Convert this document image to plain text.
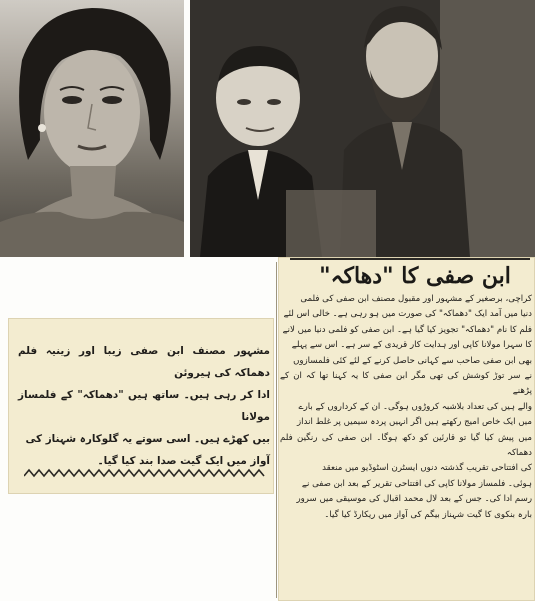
ابن صفی کا "دھاکہ"

کراچی، برصغیر کے مشہور اور مقبول مصنف ابن صفی کی فلمی

دنیا میں آمد ایک "دھماکہ" کی صورت میں ہو رہی ہے۔ خالی اس لئے

فلم کا نام "دھماکہ" تجویز کیا گیا ہے۔ ابن صفی کو فلمی دنیا میں لانے

کا سہرا مولانا کاپی اور ہدایت کار قریدی کے سر ہے۔ اس سے پہلے

بھی ابن صفی صاحب سے کہانی حاصل کرنے کے لئے کئی فلمسازوں

نے سر توڑ کوشش کی تھی مگر ابن صفی کا یہ کہنا تھا کہ ان کے پڑھنے

والے ہیں کی تعداد بلاشبہ کروڑوں ہوگی۔ ان کے کرداروں کے بارے

میں ایک خاص امیج رکھتے ہیں اگر انہیں پردہ سیمیں پر غلط انداز

میں پیش کیا گیا تو قارئین کو دکھ ہوگا۔ ابن صفی کی رنگین فلم دھماکہ

کی افتتاحی تقریب گذشتہ دنوں ایسٹرن اسٹوڈیو میں منعقد

ہوئی۔ فلمساز مولانا کاپی کی افتتاحی تقریر کے بعد ابن صفی نے

رسم ادا کی۔ جس کے بعد لال محمد اقبال کی موسیقی میں سرور

بارہ بنکوی کا گیت شہناز بیگم کی آواز میں ریکارڈ کیا گیا۔

مشہور مصنف ابن صفی زیبا اور زینیہ فلم دھماکہ کی ہیروئن

ادا کر رہی ہیں۔ ساتھ ہیں "دھماکہ" کے فلمساز مولانا

بیں کھڑے ہیں۔ اسی سوتے یہ گلوکارہ شہناز کی

آواز میں ایک گیت صدا بند کیا گیا۔
